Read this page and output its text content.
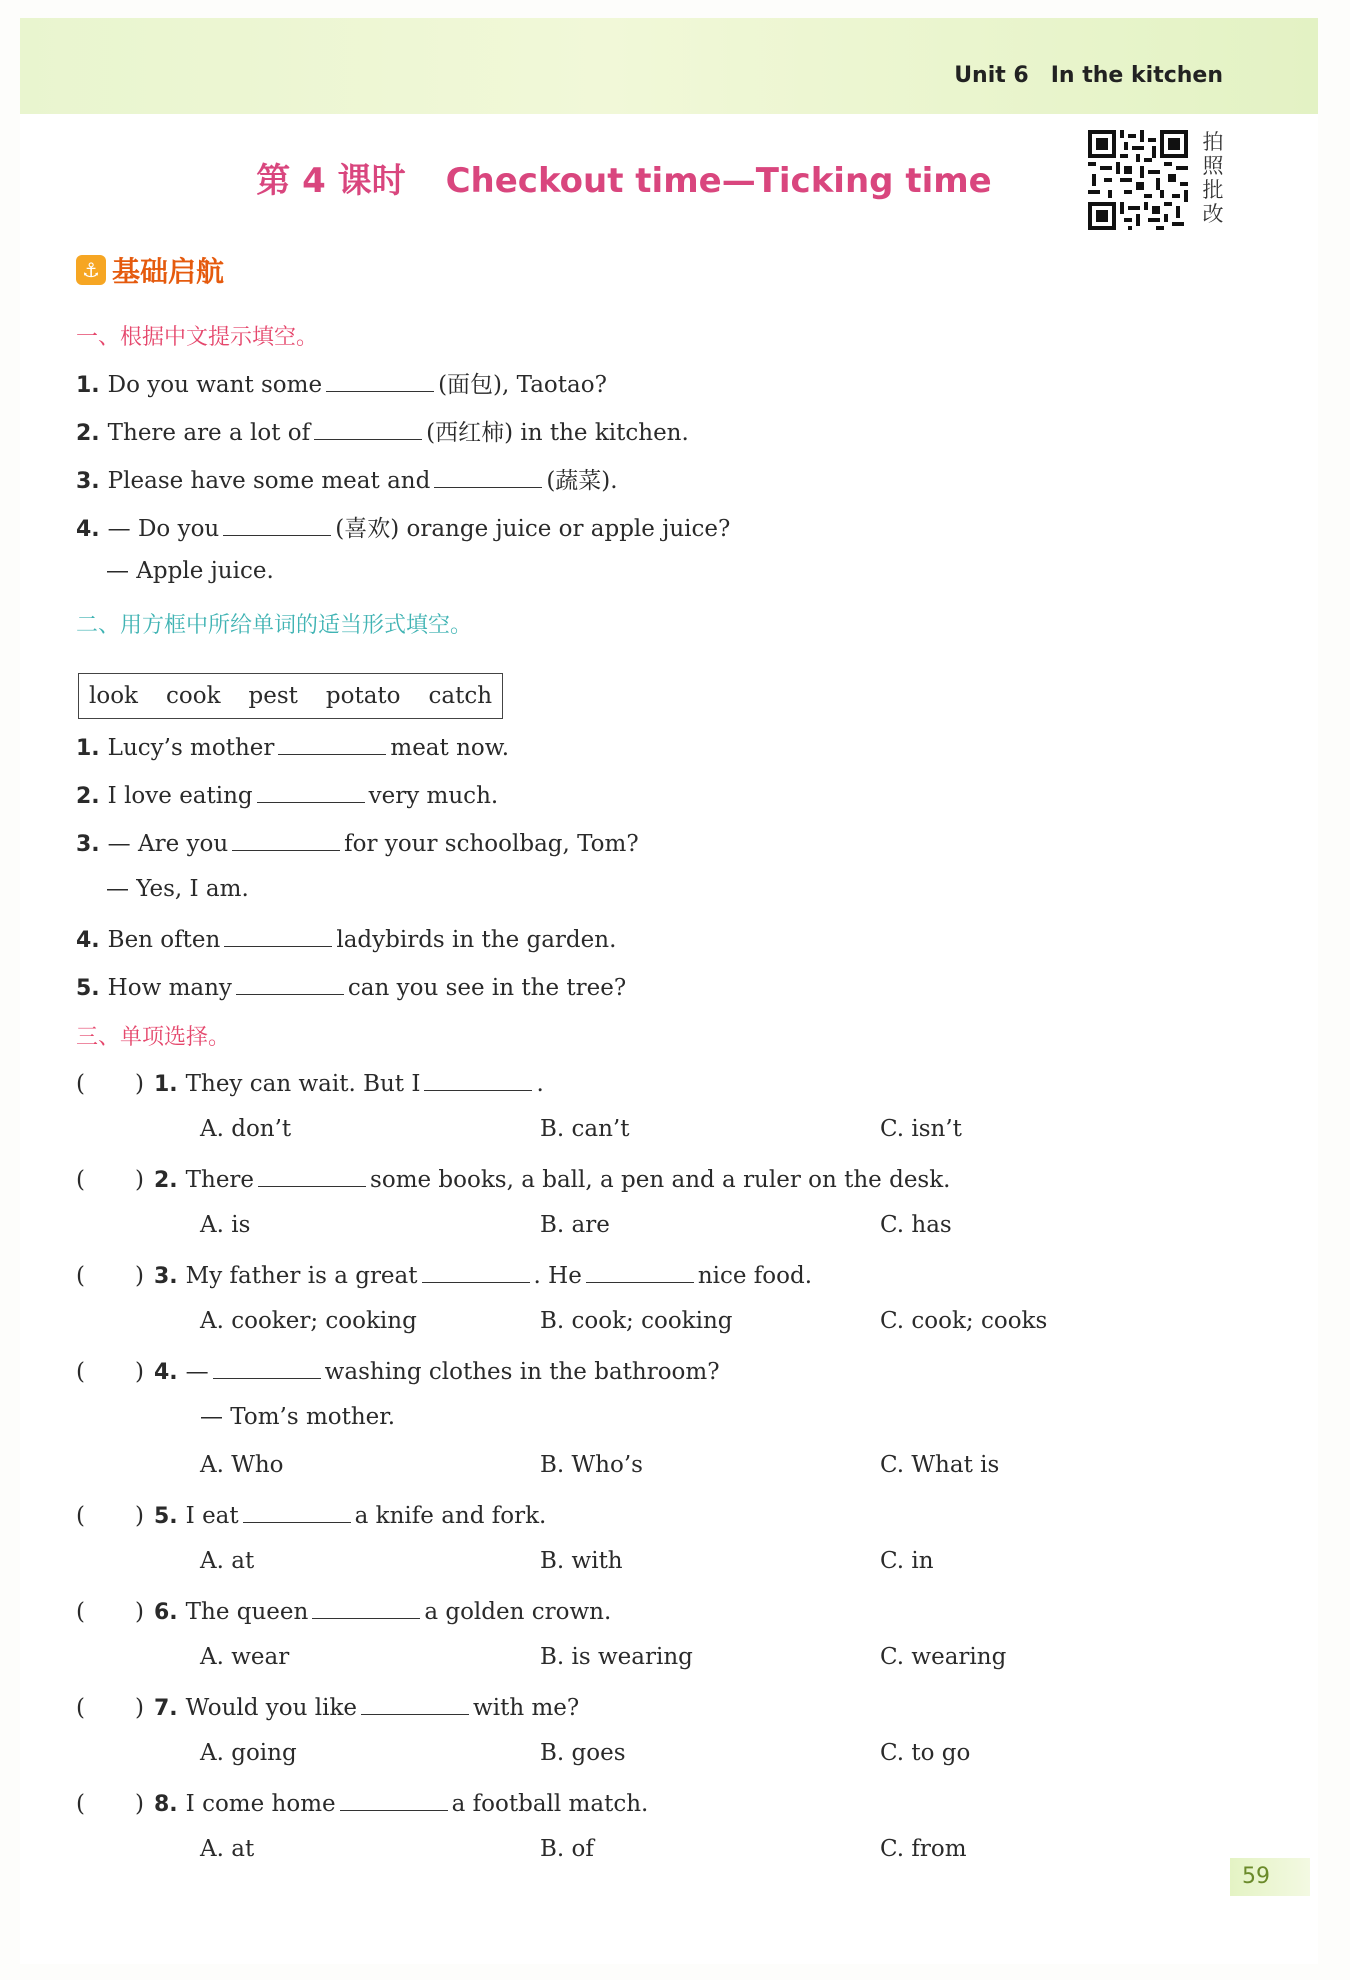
Unit 6 In the kitchen
第 4 课时 Checkout time—Ticking time
拍
照
批
改
⚓ 基础启航
一、根据中文提示填空。
1. Do you want some	(面包), Taotao?
2. There are a lot of	(西红柿) in the kitchen.
3. Please have some meat and	(蔬菜).
4. — Do you	(喜欢) orange juice or apple juice?
— Apple juice.
二、用方框中所给单词的适当形式填空。
look cook pest potato catch
1. Lucy’s mother	meat now.
2. I love eating	very much.
3. — Are you	for your schoolbag, Tom?
— Yes, I am.
4. Ben often	ladybirds in the garden.
5. How many	can you see in the tree?
三、单项选择。
( ) 1. They can wait. But I	.
A. don’t	B. can’t	C. isn’t
( ) 2. There	some books, a ball, a pen and a ruler on the desk.
A. is	B. are	C. has
( ) 3. My father is a great	. He	nice food.
A. cooker; cooking	B. cook; cooking	C. cook; cooks
( ) 4. —	washing clothes in the bathroom?
— Tom’s mother.
A. Who	B. Who’s	C. What is
( ) 5. I eat	a knife and fork.
A. at	B. with	C. in
( ) 6. The queen	a golden crown.
A. wear	B. is wearing	C. wearing
( ) 7. Would you like	with me?
A. going	B. goes	C. to go
( ) 8. I come home	a football match.
A. at	B. of	C. from
59
